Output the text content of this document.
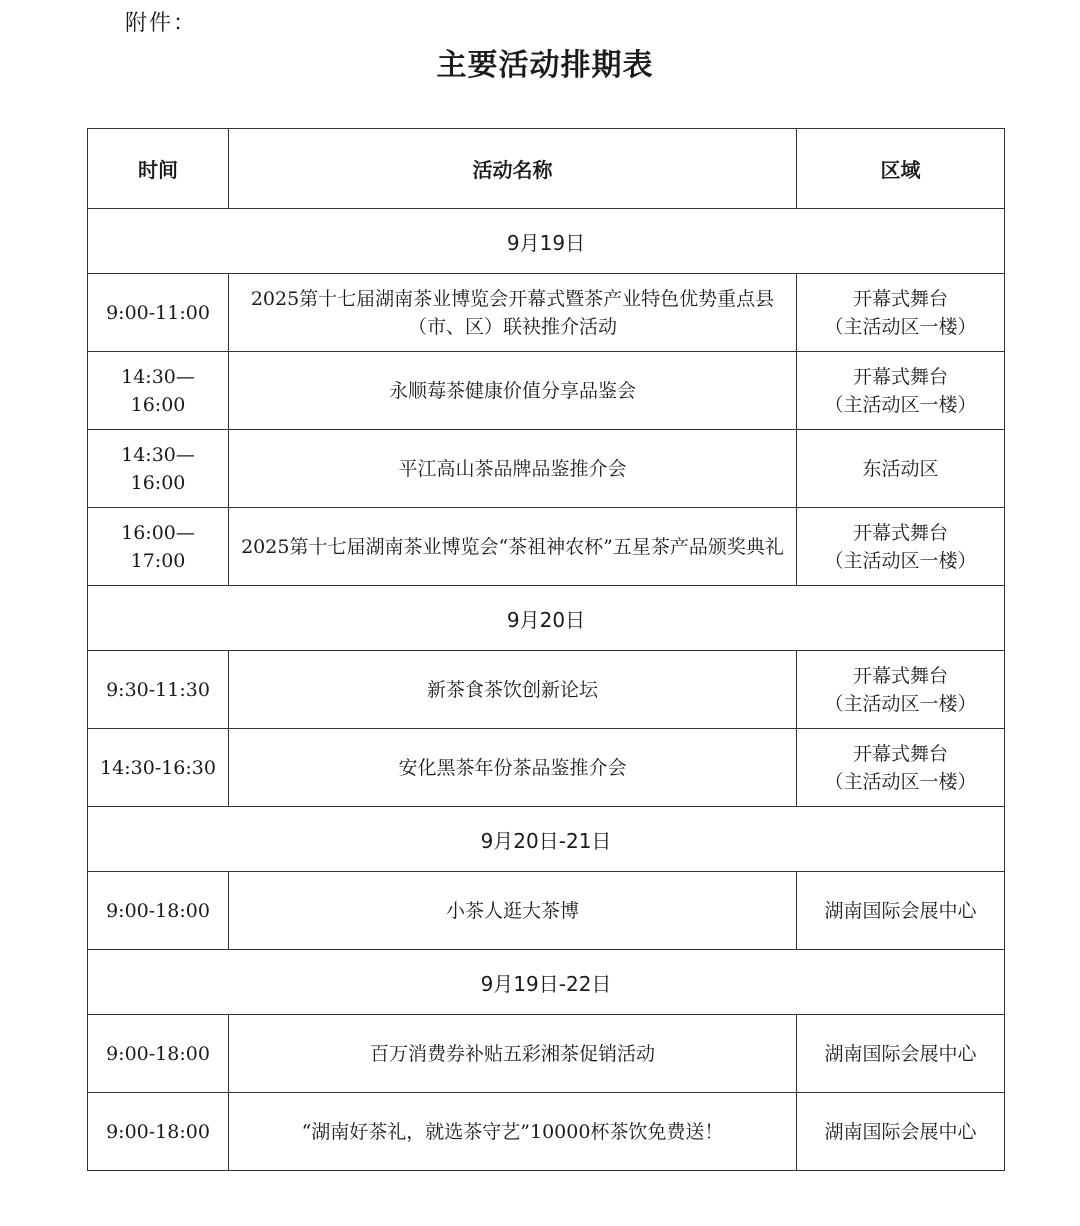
附件：
主要活动排期表
时间	活动名称	区域
9月19日		
9:00-11:00	2025第十七届湖南茶业博览会开幕式暨茶产业特色优势重点县（市、区）联袂推介活动	开幕式舞台
（主活动区一楼）

14:30—16:00	永顺莓茶健康价值分享品鉴会	开幕式舞台
（主活动区一楼）

14:30—16:00	平江高山茶品牌品鉴推介会	东活动区

16:00—17:00	2025第十七届湖南茶业博览会“茶祖神农杯”五星茶产品颁奖典礼	开幕式舞台
（主活动区一楼）

9月20日		
9:30-11:30	新茶食茶饮创新论坛	开幕式舞台
（主活动区一楼）

14:30-16:30	安化黑茶年份茶品鉴推介会	开幕式舞台
（主活动区一楼）

9月20日-21日		
9:00-18:00	小茶人逛大茶博	湖南国际会展中心

9月19日-22日		
9:00-18:00	百万消费券补贴五彩湘茶促销活动	湖南国际会展中心

9:00-18:00	“湖南好茶礼，就选茶守艺”10000杯茶饮免费送！	湖南国际会展中心
